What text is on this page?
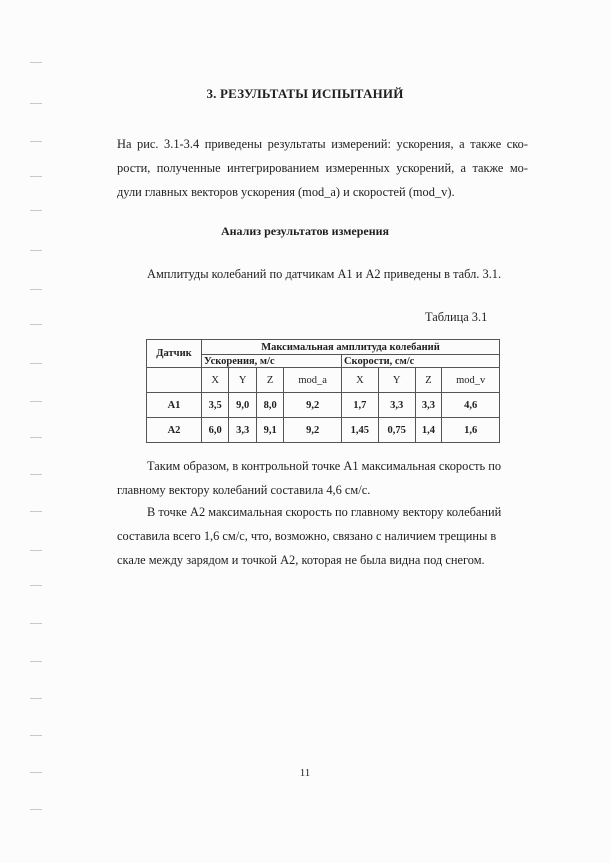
3. РЕЗУЛЬТАТЫ ИСПЫТАНИЙ
На рис. 3.1-3.4 приведены результаты измерений: ускорения, а также ско-
рости, полученные интегрированием измеренных ускорений, а также мо-
дули главных векторов ускорения (mod_a) и скоростей (mod_v).
Анализ результатов измерения
Амплитуды колебаний по датчикам А1 и А2 приведены в табл. 3.1.
Таблица 3.1
Датчик	Максимальная амплитуда колебаний							
	Ускорения, м/с				Скорости, см/с			
	X	Y	Z	mod_a	X	Y	Z	mod_v
А1	3,5	9,0	8,0	9,2	1,7	3,3	3,3	4,6
А2	6,0	3,3	9,1	9,2	1,45	0,75	1,4	1,6
Таким образом, в контрольной точке А1 максимальная скорость по
главному вектору колебаний составила 4,6 см/с.
В точке А2 максимальная скорость по главному вектору колебаний
составила всего 1,6 см/с, что, возможно, связано с наличием трещины в
скале между зарядом и точкой А2, которая не была видна под снегом.
11
